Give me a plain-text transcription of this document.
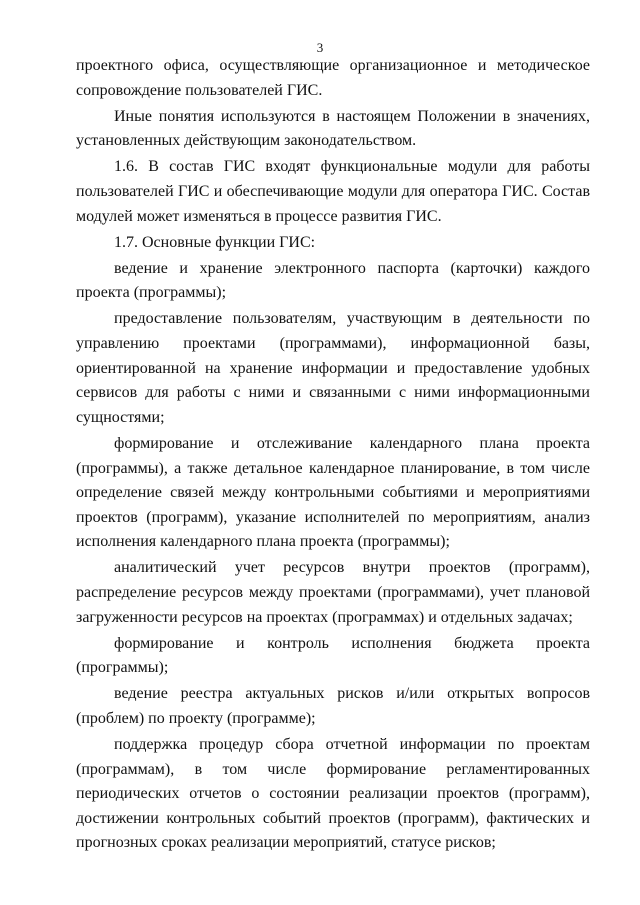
3

проектного офиса, осуществляющие организационное и методическое сопровождение пользователей ГИС.

Иные понятия используются в настоящем Положении в значениях, установленных действующим законодательством.

1.6. В состав ГИС входят функциональные модули для работы пользователей ГИС и обеспечивающие модули для оператора ГИС. Состав модулей может изменяться в процессе развития ГИС.

1.7. Основные функции ГИС:

ведение и хранение электронного паспорта (карточки) каждого проекта (программы);

предоставление пользователям, участвующим в деятельности по управлению проектами (программами), информационной базы, ориентированной на хранение информации и предоставление удобных сервисов для работы с ними и связанными с ними информационными сущностями;

формирование и отслеживание календарного плана проекта (программы), а также детальное календарное планирование, в том числе определение связей между контрольными событиями и мероприятиями проектов (программ), указание исполнителей по мероприятиям, анализ исполнения календарного плана проекта (программы);

аналитический учет ресурсов внутри проектов (программ), распределение ресурсов между проектами (программами), учет плановой загруженности ресурсов на проектах (программах) и отдельных задачах;

формирование и контроль исполнения бюджета проекта (программы);

ведение реестра актуальных рисков и/или открытых вопросов (проблем) по проекту (программе);

поддержка процедур сбора отчетной информации по проектам (программам), в том числе формирование регламентированных периодических отчетов о состоянии реализации проектов (программ), достижении контрольных событий проектов (программ), фактических и прогнозных сроках реализации мероприятий, статусе рисков;
